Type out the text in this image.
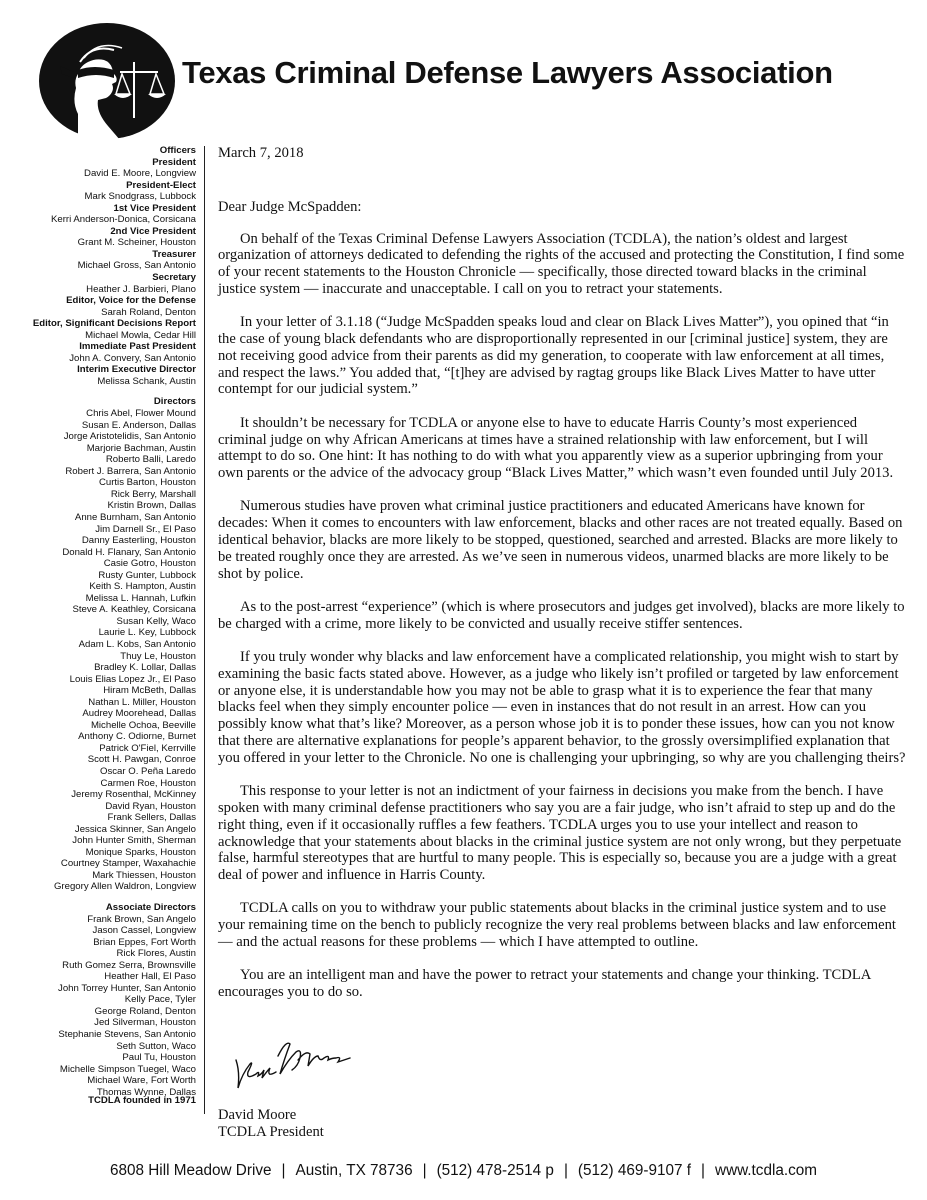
Texas Criminal Defense Lawyers Association
Officers
President
David E. Moore, Longview
President-Elect
Mark Snodgrass, Lubbock
1st Vice President
Kerri Anderson-Donica, Corsicana
2nd Vice President
Grant M. Scheiner, Houston
Treasurer
Michael Gross, San Antonio
Secretary
Heather J. Barbieri, Plano
Editor, Voice for the Defense
Sarah Roland, Denton
Editor, Significant Decisions Report
Michael Mowla, Cedar Hill
Immediate Past President
John A. Convery, San Antonio
Interim Executive Director
Melissa Schank, Austin
Directors
Chris Abel, Flower Mound
Susan E. Anderson, Dallas
Jorge Aristotelidis, San Antonio
Marjorie Bachman, Austin
Roberto Balli, Laredo
Robert J. Barrera, San Antonio
Curtis Barton, Houston
Rick Berry, Marshall
Kristin Brown, Dallas
Anne Burnham, San Antonio
Jim Darnell Sr., El Paso
Danny Easterling, Houston
Donald H. Flanary, San Antonio
Casie Gotro, Houston
Rusty Gunter, Lubbock
Keith S. Hampton, Austin
Melissa L. Hannah, Lufkin
Steve A. Keathley, Corsicana
Susan Kelly, Waco
Laurie L. Key, Lubbock
Adam L. Kobs, San Antonio
Thuy Le, Houston
Bradley K. Lollar, Dallas
Louis Elias Lopez Jr., El Paso
Hiram McBeth, Dallas
Nathan L. Miller, Houston
Audrey Moorehead, Dallas
Michelle Ochoa, Beeville
Anthony C. Odiorne, Burnet
Patrick O'Fiel, Kerrville
Scott H. Pawgan, Conroe
Oscar O. Peña Laredo
Carmen Roe, Houston
Jeremy Rosenthal, McKinney
David Ryan, Houston
Frank Sellers, Dallas
Jessica Skinner, San Angelo
John Hunter Smith, Sherman
Monique Sparks, Houston
Courtney Stamper, Waxahachie
Mark Thiessen, Houston
Gregory Allen Waldron, Longview
Associate Directors
Frank Brown, San Angelo
Jason Cassel, Longview
Brian Eppes, Fort Worth
Rick Flores, Austin
Ruth Gomez Serra, Brownsville
Heather Hall, El Paso
John Torrey Hunter, San Antonio
Kelly Pace, Tyler
George Roland, Denton
Jed Silverman, Houston
Stephanie Stevens, San Antonio
Seth Sutton, Waco
Paul Tu, Houston
Michelle Simpson Tuegel, Waco
Michael Ware, Fort Worth
Thomas Wynne, Dallas
TCDLA founded in 1971

March 7, 2018

Dear Judge McSpadden:

On behalf of the Texas Criminal Defense Lawyers Association (TCDLA), the nation’s oldest and largest organization of attorneys dedicated to defending the rights of the accused and protecting the Constitution, I find some of your recent statements to the Houston Chronicle — specifically, those directed toward blacks in the criminal justice system — inaccurate and unacceptable. I call on you to retract your statements.

In your letter of 3.1.18 (“Judge McSpadden speaks loud and clear on Black Lives Matter”), you opined that “in the case of young black defendants who are disproportionally represented in our [criminal justice] system, they are not receiving good advice from their parents as did my generation, to cooperate with law enforcement at all times, and respect the laws.” You added that, “[t]hey are advised by ragtag groups like Black Lives Matter to have utter contempt for our judicial system.”

It shouldn’t be necessary for TCDLA or anyone else to have to educate Harris County’s most experienced criminal judge on why African Americans at times have a strained relationship with law enforcement, but I will attempt to do so. One hint: It has nothing to do with what you apparently view as a superior upbringing from your own parents or the advice of the advocacy group “Black Lives Matter,” which wasn’t even founded until July 2013.

Numerous studies have proven what criminal justice practitioners and educated Americans have known for decades: When it comes to encounters with law enforcement, blacks and other races are not treated equally. Based on identical behavior, blacks are more likely to be stopped, questioned, searched and arrested. Blacks are more likely to be treated roughly once they are arrested. As we’ve seen in numerous videos, unarmed blacks are more likely to be shot by police.

As to the post-arrest “experience” (which is where prosecutors and judges get involved), blacks are more likely to be charged with a crime, more likely to be convicted and usually receive stiffer sentences.

If you truly wonder why blacks and law enforcement have a complicated relationship, you might wish to start by examining the basic facts stated above. However, as a judge who likely isn’t profiled or targeted by law enforcement or anyone else, it is understandable how you may not be able to grasp what it is to experience the fear that many blacks feel when they simply encounter police — even in instances that do not result in an arrest. How can you possibly know what that’s like? Moreover, as a person whose job it is to ponder these issues, how can you not know that there are alternative explanations for people’s apparent behavior, to the grossly oversimplified explanation that you offered in your letter to the Chronicle. No one is challenging your upbringing, so why are you challenging theirs?

This response to your letter is not an indictment of your fairness in decisions you make from the bench. I have spoken with many criminal defense practitioners who say you are a fair judge, who isn’t afraid to step up and do the right thing, even if it occasionally ruffles a few feathers. TCDLA urges you to use your intellect and reason to acknowledge that your statements about blacks in the criminal justice system are not only wrong, but they perpetuate false, harmful stereotypes that are hurtful to many people. This is especially so, because you are a judge with a great deal of power and influence in Harris County.

TCDLA calls on you to withdraw your public statements about blacks in the criminal justice system and to use your remaining time on the bench to publicly recognize the very real problems between blacks and law enforcement — and the actual reasons for these problems — which I have attempted to outline.

You are an intelligent man and have the power to retract your statements and change your thinking. TCDLA encourages you to do so.

David Moore
TCDLA President
6808 Hill Meadow Drive | Austin, TX 78736 | (512) 478-2514 p | (512) 469-9107 f | www.tcdla.com
